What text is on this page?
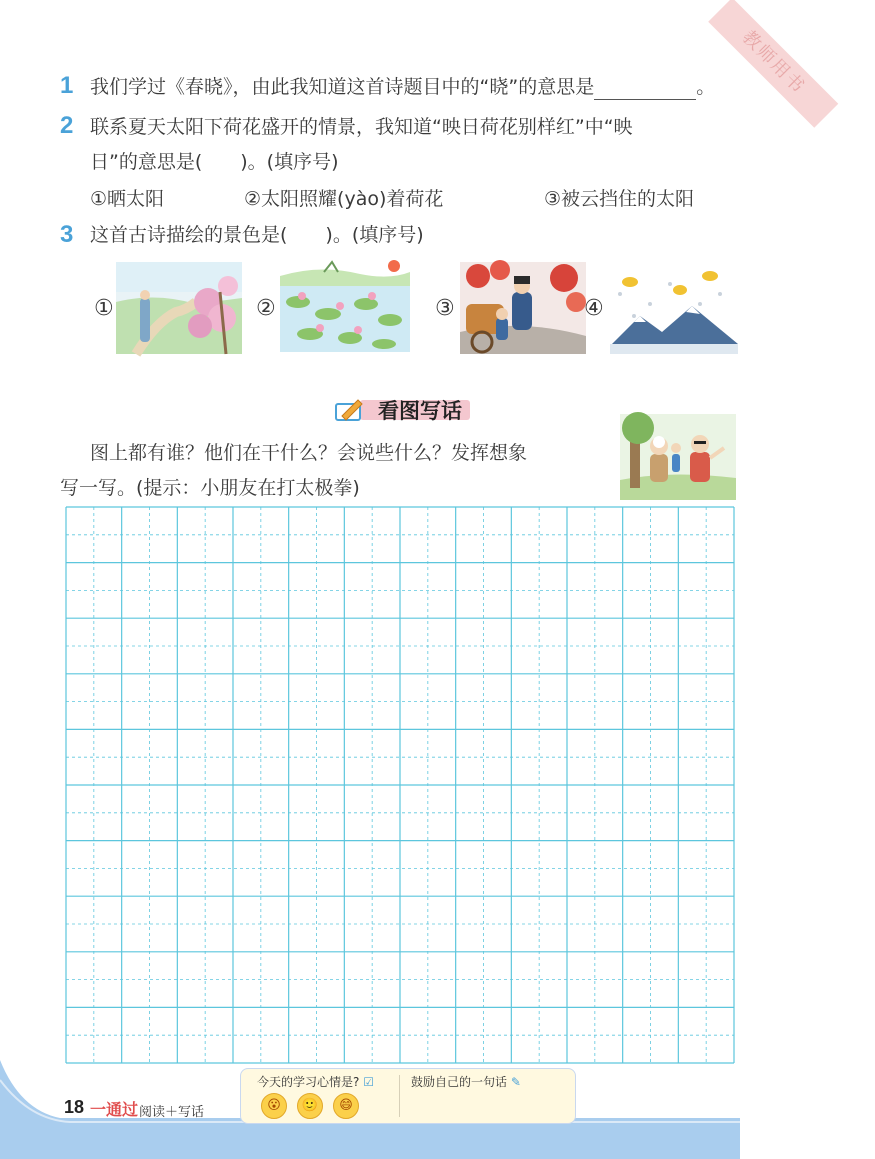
教师用书
1 我们学过《春晓》，由此我知道这首诗题目中的“晓”的意思是	。
2 联系夏天太阳下荷花盛开的情景，我知道“映日荷花别样红”中“映
日”的意思是(　　)。(填序号)
①晒太阳	②太阳照耀(yào)着荷花	③被云挡住的太阳
3 这首古诗描绘的景色是(　　)。(填序号)
①	②	③	④
看图写话
图上都有谁？他们在干什么？会说些什么？发挥想象
写一写。(提示：小朋友在打太极拳)
18 一通过 阅读＋写话
今天的学习心情是? ☑	鼓励自己的一句话 ✎
😮	🙂	😄
